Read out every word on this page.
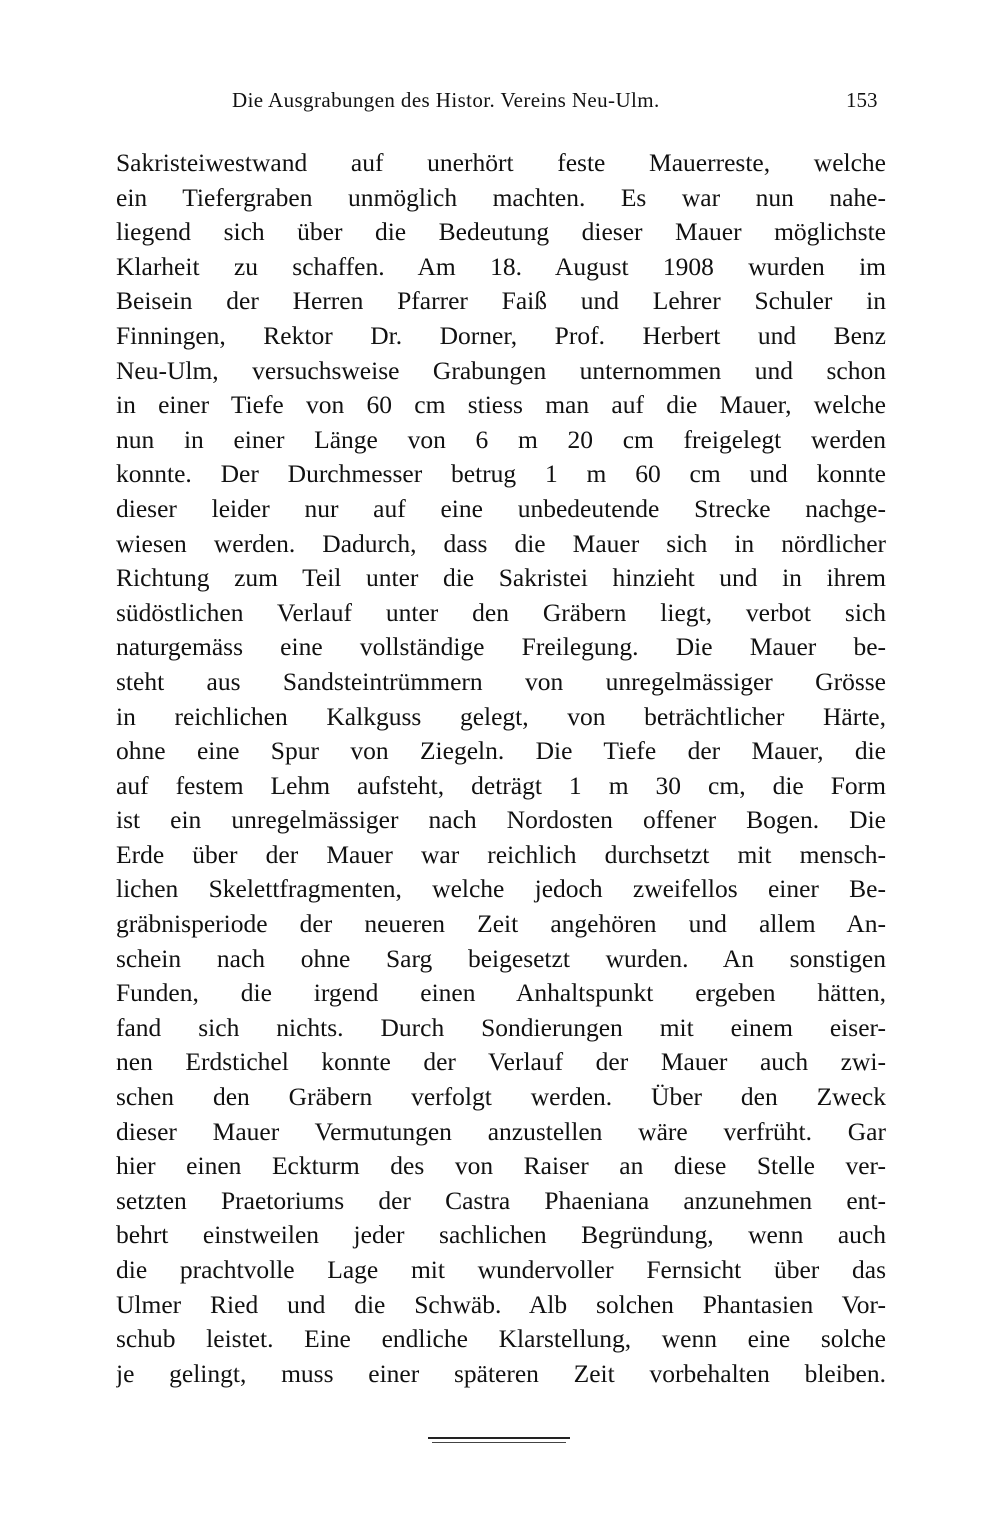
Die Ausgrabungen des Histor. Vereins Neu-Ulm.	153
Sakristeiwestwand auf unerhört feste Mauerreste, welche
ein Tiefergraben unmöglich machten. Es war nun nahe-
liegend sich über die Bedeutung dieser Mauer möglichste
Klarheit zu schaffen. Am 18. August 1908 wurden im
Beisein der Herren Pfarrer Faiß und Lehrer Schuler in
Finningen, Rektor Dr. Dorner, Prof. Herbert und Benz
Neu-Ulm, versuchsweise Grabungen unternommen und schon
in einer Tiefe von 60 cm stiess man auf die Mauer, welche
nun in einer Länge von 6 m 20 cm freigelegt werden
konnte. Der Durchmesser betrug 1 m 60 cm und konnte
dieser leider nur auf eine unbedeutende Strecke nachge-
wiesen werden. Dadurch, dass die Mauer sich in nördlicher
Richtung zum Teil unter die Sakristei hinzieht und in ihrem
südöstlichen Verlauf unter den Gräbern liegt, verbot sich
naturgemäss eine vollständige Freilegung. Die Mauer be-
steht aus Sandsteintrümmern von unregelmässiger Grösse
in reichlichen Kalkguss gelegt, von beträchtlicher Härte,
ohne eine Spur von Ziegeln. Die Tiefe der Mauer, die
auf festem Lehm aufsteht, deträgt 1 m 30 cm, die Form
ist ein unregelmässiger nach Nordosten offener Bogen. Die
Erde über der Mauer war reichlich durchsetzt mit mensch-
lichen Skelettfragmenten, welche jedoch zweifellos einer Be-
gräbnisperiode der neueren Zeit angehören und allem An-
schein nach ohne Sarg beigesetzt wurden. An sonstigen
Funden, die irgend einen Anhaltspunkt ergeben hätten,
fand sich nichts. Durch Sondierungen mit einem eiser-
nen Erdstichel konnte der Verlauf der Mauer auch zwi-
schen den Gräbern verfolgt werden. Über den Zweck
dieser Mauer Vermutungen anzustellen wäre verfrüht. Gar
hier einen Eckturm des von Raiser an diese Stelle ver-
setzten Praetoriums der Castra Phaeniana anzunehmen ent-
behrt einstweilen jeder sachlichen Begründung, wenn auch
die prachtvolle Lage mit wundervoller Fernsicht über das
Ulmer Ried und die Schwäb. Alb solchen Phantasien Vor-
schub leistet. Eine endliche Klarstellung, wenn eine solche
je gelingt, muss einer späteren Zeit vorbehalten bleiben.
